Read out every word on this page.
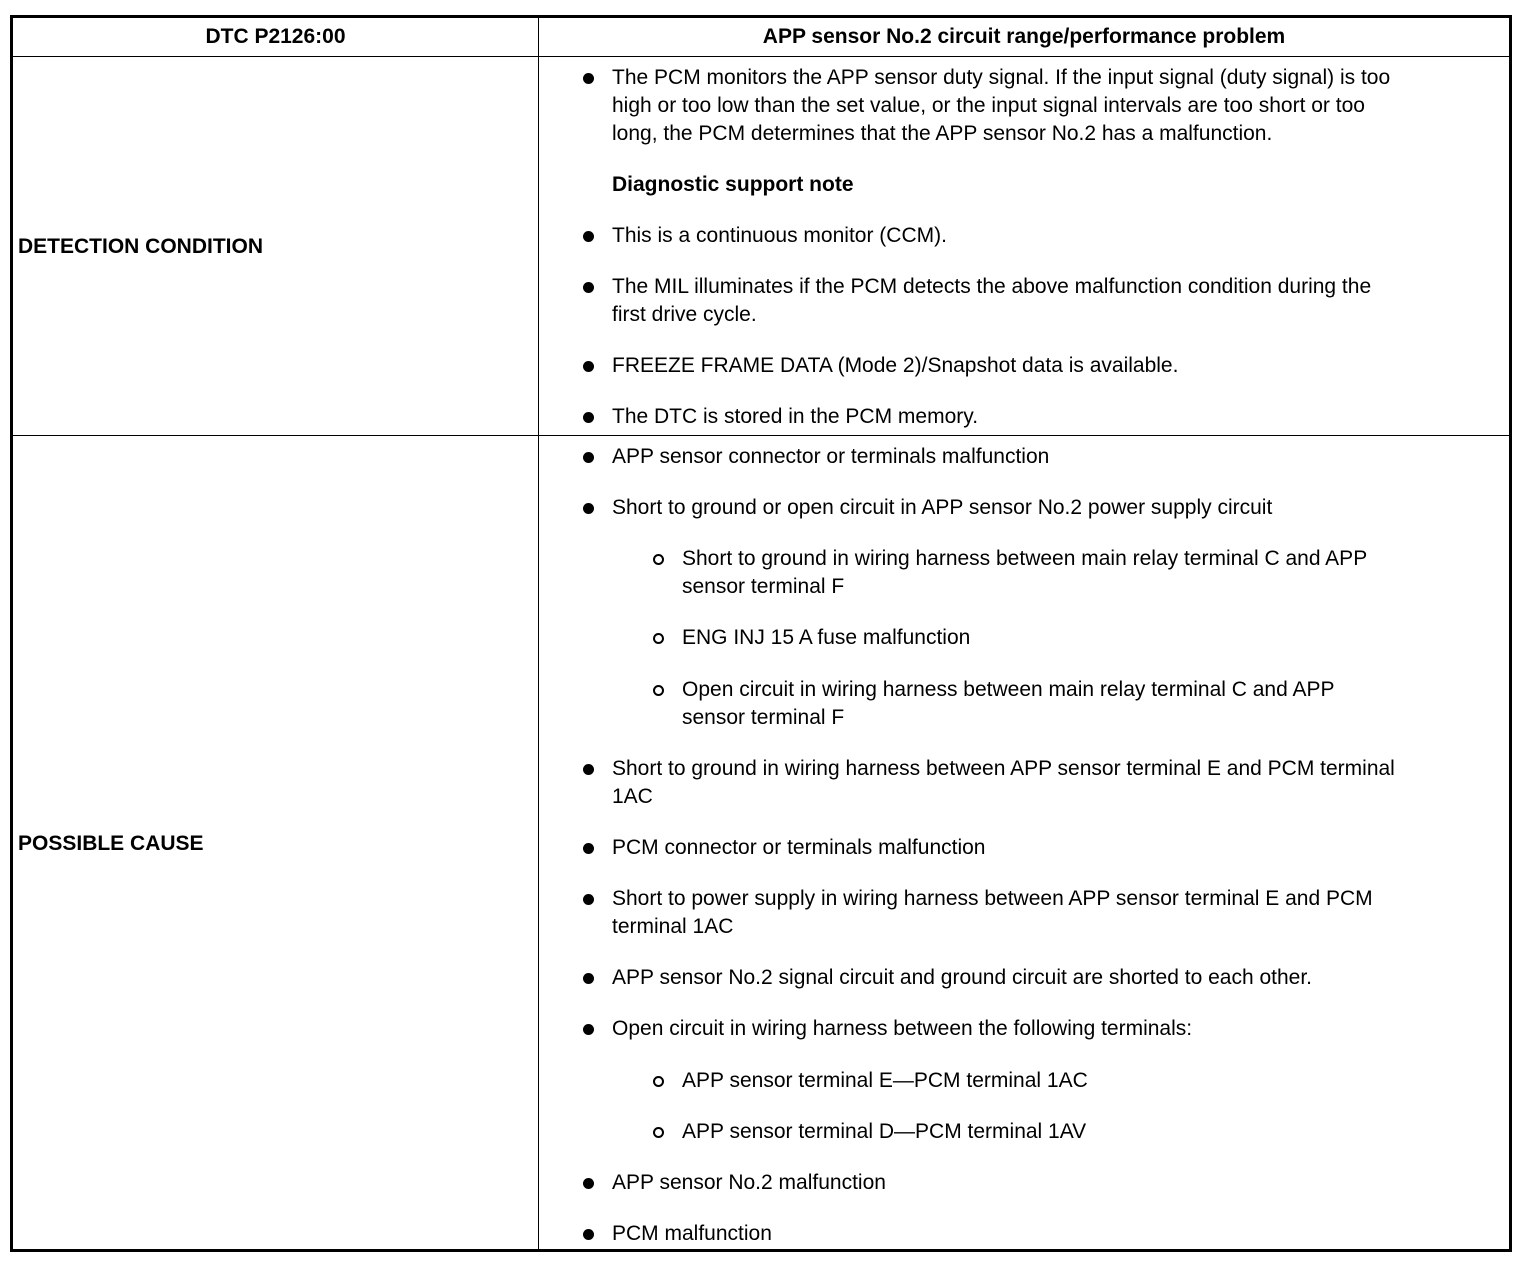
DTC P2126:00	APP sensor No.2 circuit range/performance problem
DETECTION CONDITION
POSSIBLE CAUSE
The PCM monitors the APP sensor duty signal. If the input signal (duty signal) is too
high or too low than the set value, or the input signal intervals are too short or too
long, the PCM determines that the APP sensor No.2 has a malfunction.
Diagnostic support note
This is a continuous monitor (CCM).
The MIL illuminates if the PCM detects the above malfunction condition during the
first drive cycle.
FREEZE FRAME DATA (Mode 2)/Snapshot data is available.
The DTC is stored in the PCM memory.
APP sensor connector or terminals malfunction
Short to ground or open circuit in APP sensor No.2 power supply circuit
Short to ground in wiring harness between main relay terminal C and APP
sensor terminal F
ENG INJ 15 A fuse malfunction
Open circuit in wiring harness between main relay terminal C and APP
sensor terminal F
Short to ground in wiring harness between APP sensor terminal E and PCM terminal
1AC
PCM connector or terminals malfunction
Short to power supply in wiring harness between APP sensor terminal E and PCM
terminal 1AC
APP sensor No.2 signal circuit and ground circuit are shorted to each other.
Open circuit in wiring harness between the following terminals:
APP sensor terminal E—PCM terminal 1AC
APP sensor terminal D—PCM terminal 1AV
APP sensor No.2 malfunction
PCM malfunction
